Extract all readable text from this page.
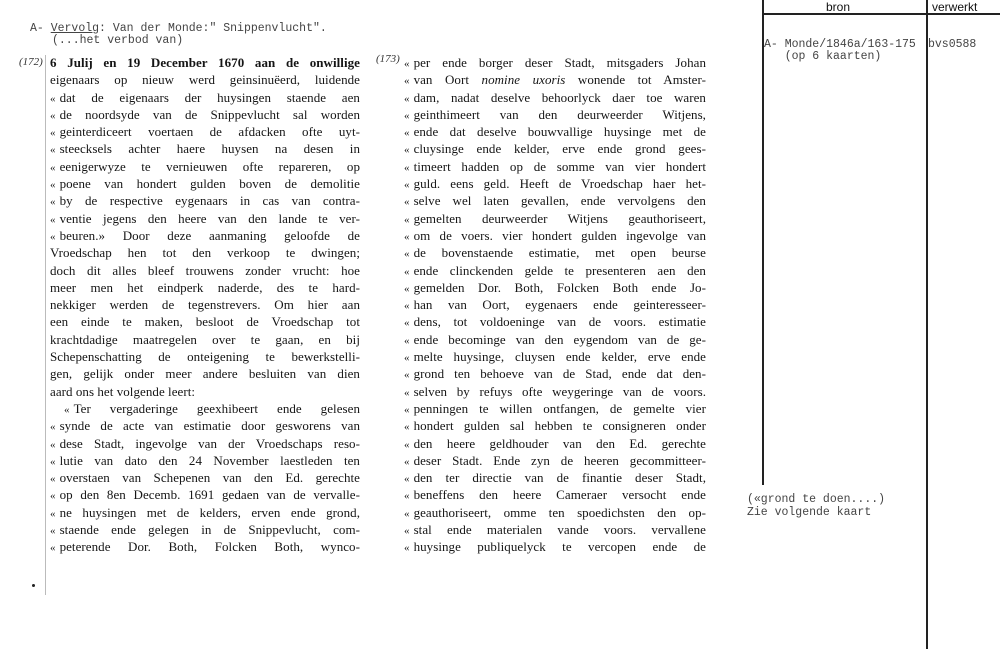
A- Vervolg: Van der Monde:" Snippenvlucht".
(...het verbod van)
(172)	(173)
6 Julij en 19 December 1670 aan de onwillige
eigenaars op nieuw werd geinsinuëerd, luidende
« dat de eigenaars der huysingen staende aen
« de noordsyde van de Snippevlucht sal worden
« geinterdiceert voertaen de afdacken ofte uyt-
« steecksels achter haere huysen na desen in
« eenigerwyze te vernieuwen ofte repareren, op
« poene van hondert gulden boven de demolitie
« by de respective eygenaars in cas van contra-
« ventie jegens den heere van den lande te ver-
« beuren.» Door deze aanmaning geloofde de
Vroedschap hen tot den verkoop te dwingen;
doch dit alles bleef trouwens zonder vrucht: hoe
meer men het eindperk naderde, des te hard-
nekkiger werden de tegenstrevers. Om hier aan
een einde te maken, besloot de Vroedschap tot
krachtdadige maatregelen over te gaan, en bij
Schepenschatting de onteigening te bewerkstelli-
gen, gelijk onder meer andere besluiten van dien
aard ons het volgende leert:
« Ter vergaderinge geexhibeert ende gelesen
« synde de acte van estimatie door gesworens van
« dese Stadt, ingevolge van der Vroedschaps reso-
« lutie van dato den 24 November laestleden ten
« overstaen van Schepenen van den Ed. gerechte
« op den 8en Decemb. 1691 gedaen van de vervalle-
« ne huysingen met de kelders, erven ende grond,
« staende ende gelegen in de Snippevlucht, com-
« peterende Dor. Both, Folcken Both, wynco-
« per ende borger deser Stadt, mitsgaders Johan
« van Oort nomine uxoris wonende tot Amster-
« dam, nadat deselve behoorlyck daer toe waren
« geinthimeert van den deurweerder Witjens,
« ende dat deselve bouwvallige huysinge met de
« cluysinge ende kelder, erve ende grond gees-
« timeert hadden op de somme van vier hondert
« guld. eens geld. Heeft de Vroedschap haer het-
« selve wel laten gevallen, ende vervolgens den
« gemelten deurweerder Witjens geauthoriseert,
« om de voers. vier hondert gulden ingevolge van
« de bovenstaende estimatie, met open beurse
« ende clinckenden gelde te presenteren aen den
« gemelden Dor. Both, Folcken Both ende Jo-
« han van Oort, eygenaers ende geinteresseer-
« dens, tot voldoeninge van de voors. estimatie
« ende becominge van den eygendom van de ge-
« melte huysinge, cluysen ende kelder, erve ende
« grond ten behoeve van de Stad, ende dat den-
« selven by refuys ofte weygeringe van de voors.
« penningen te willen ontfangen, de gemelte vier
« hondert gulden sal hebben te consigneren onder
« den heere geldhouder van den Ed. gerechte
« deser Stadt. Ende zyn de heeren gecommitteer-
« den ter directie van de finantie deser Stadt,
« beneffens den heere Cameraer versocht ende
« geauthoriseert, omme ten spoedichsten den op-
« stal ende materialen vande voors. vervallene
« huysinge publiquelyck te vercopen ende de
bron	verwerkt
A- Monde/1846a/163-175
(op 6 kaarten)
bvs0588
(«grond te doen....)
Zie volgende kaart
